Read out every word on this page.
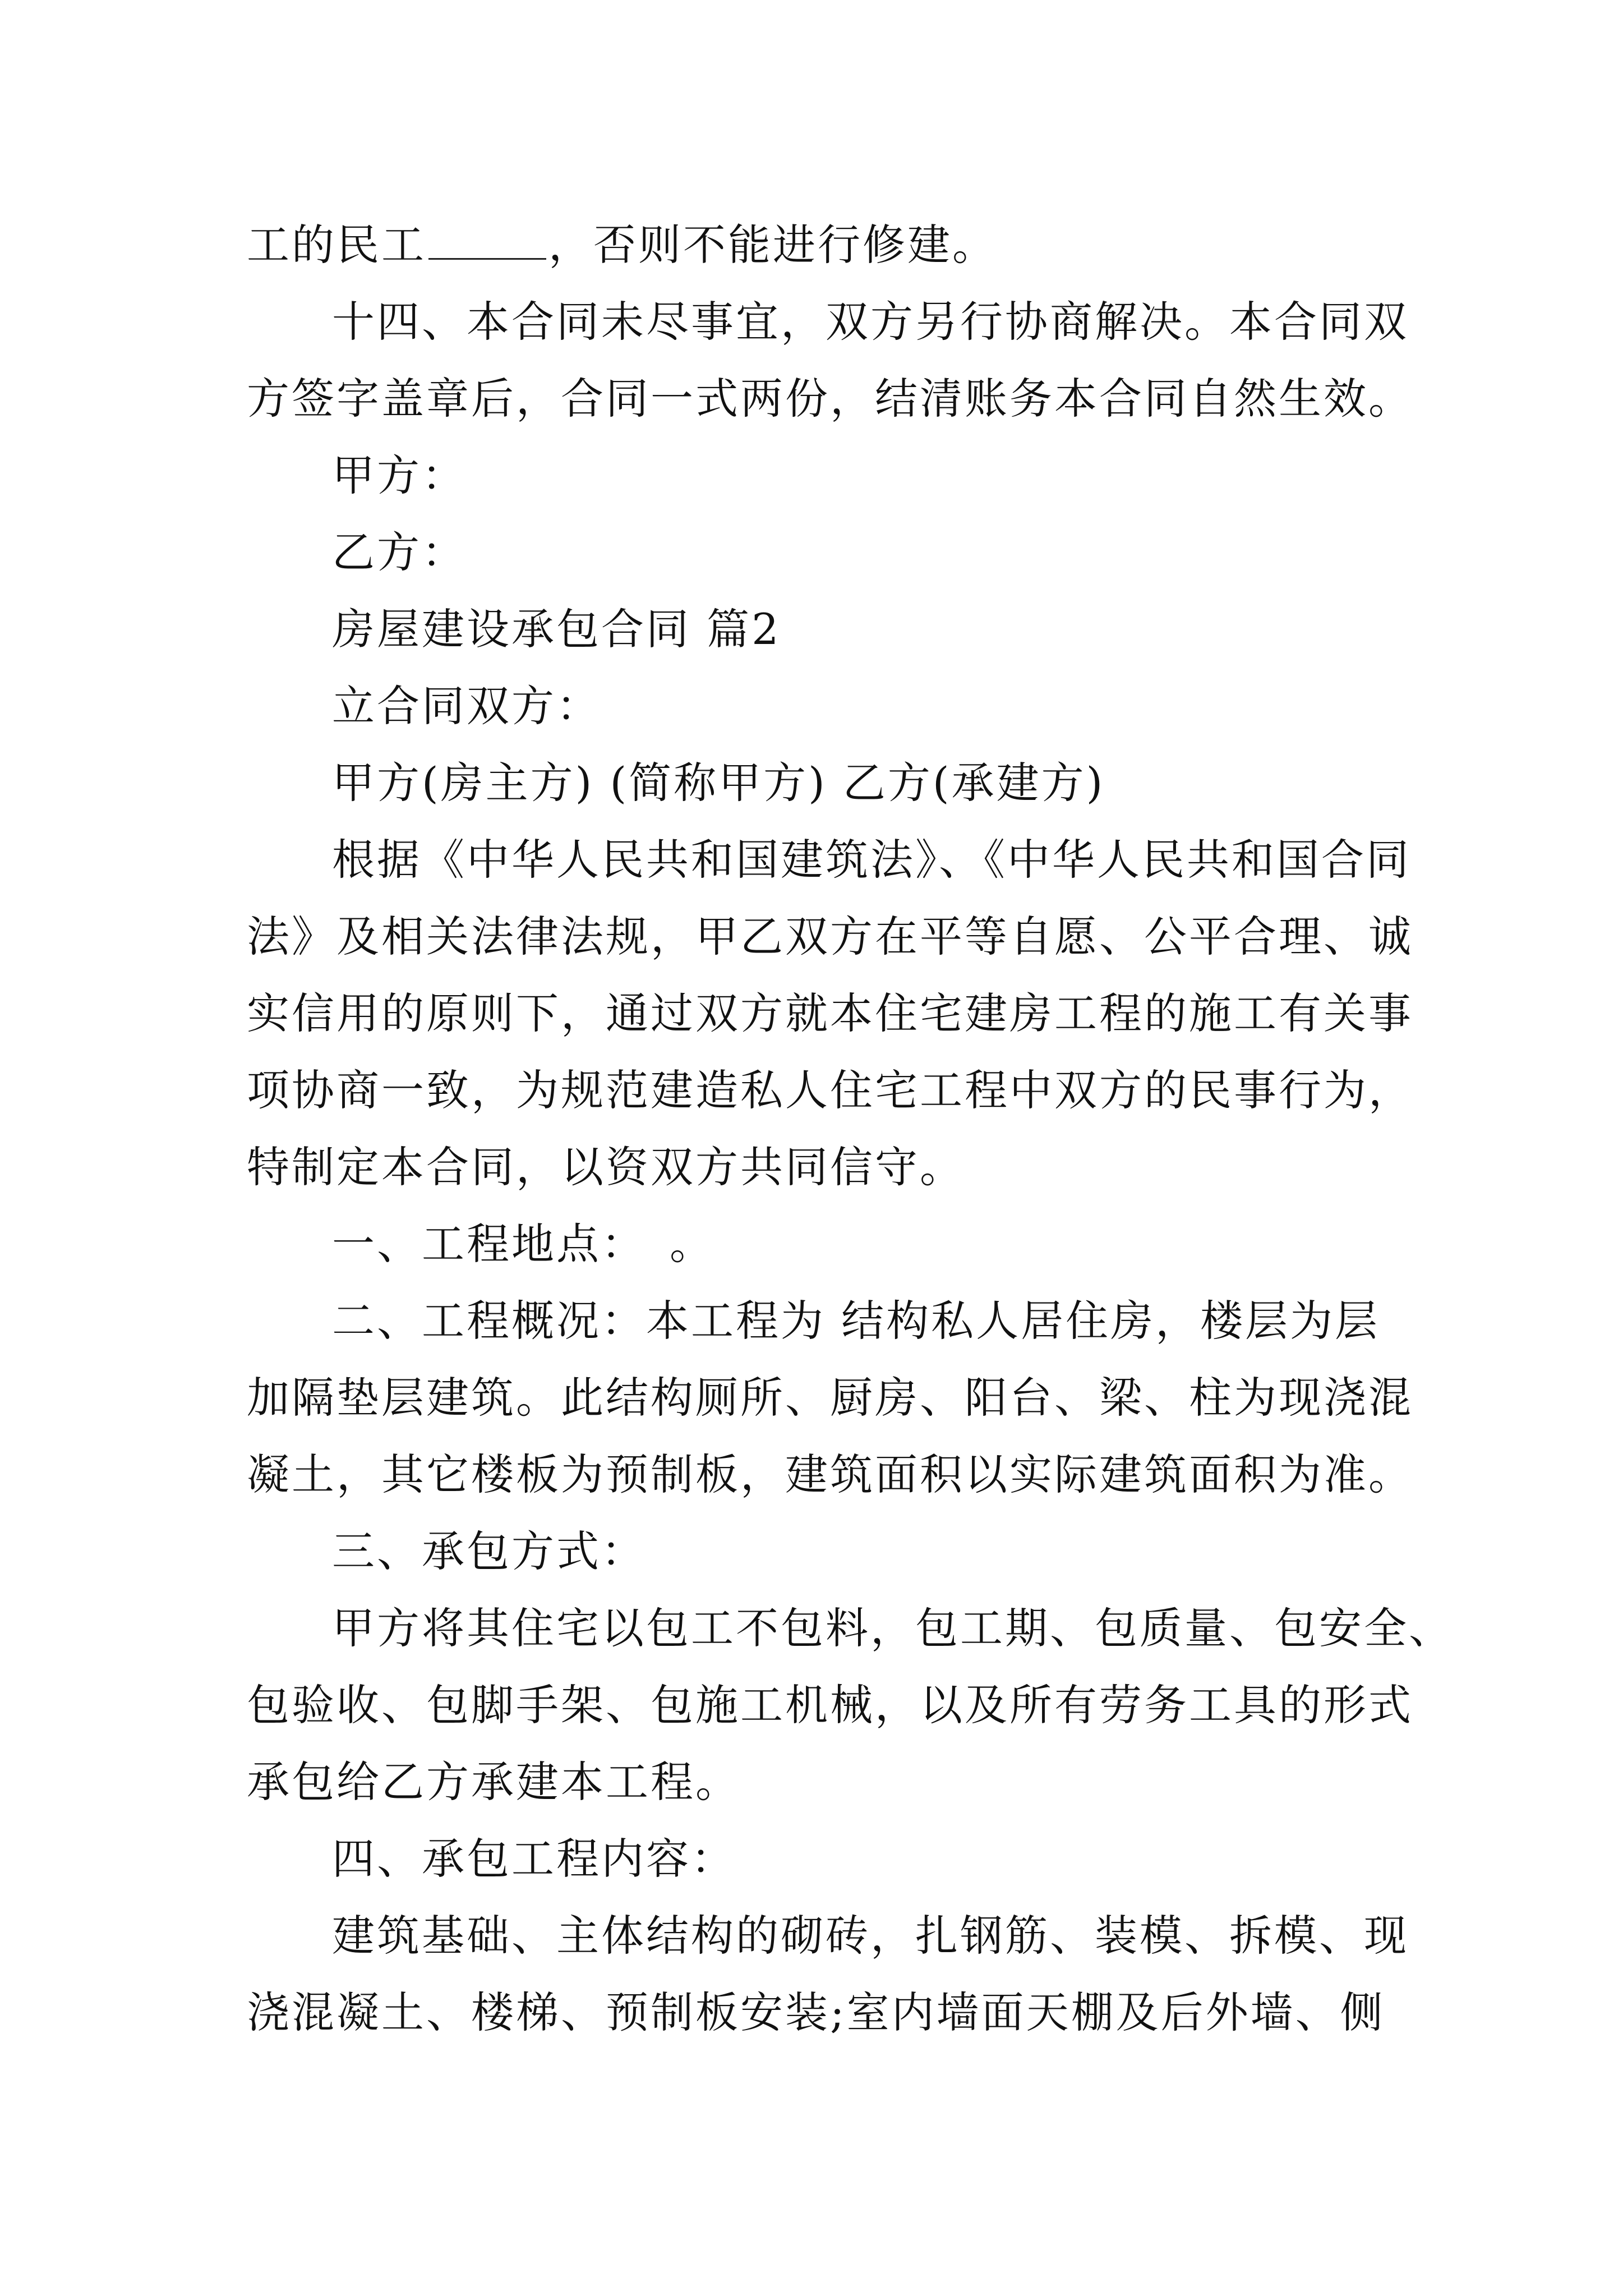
工的民工	，否则不能进行修建。
十四、本合同未尽事宜，双方另行协商解决。本合同双
方签字盖章后，合同一式两份，结清账务本合同自然生效。
甲方：
乙方：
房屋建设承包合同 篇2
立合同双方：
甲方(房主方) (简称甲方) 乙方(承建方)
根据《中华人民共和国建筑法》、《中华人民共和国合同
法》及相关法律法规，甲乙双方在平等自愿、公平合理、诚
实信用的原则下，通过双方就本住宅建房工程的施工有关事
项协商一致，为规范建造私人住宅工程中双方的民事行为，
特制定本合同，以资双方共同信守。
一、工程地点：　。
二、工程概况：本工程为 结构私人居住房，楼层为层
加隔垫层建筑。此结构厕所、厨房、阳台、梁、柱为现浇混
凝土，其它楼板为预制板，建筑面积以实际建筑面积为准。
三、承包方式：
甲方将其住宅以包工不包料，包工期、包质量、包安全、
包验收、包脚手架、包施工机械，以及所有劳务工具的形式
承包给乙方承建本工程。
四、承包工程内容：
建筑基础、主体结构的砌砖，扎钢筋、装模、拆模、现
浇混凝土、楼梯、预制板安装;室内墙面天棚及后外墙、侧
